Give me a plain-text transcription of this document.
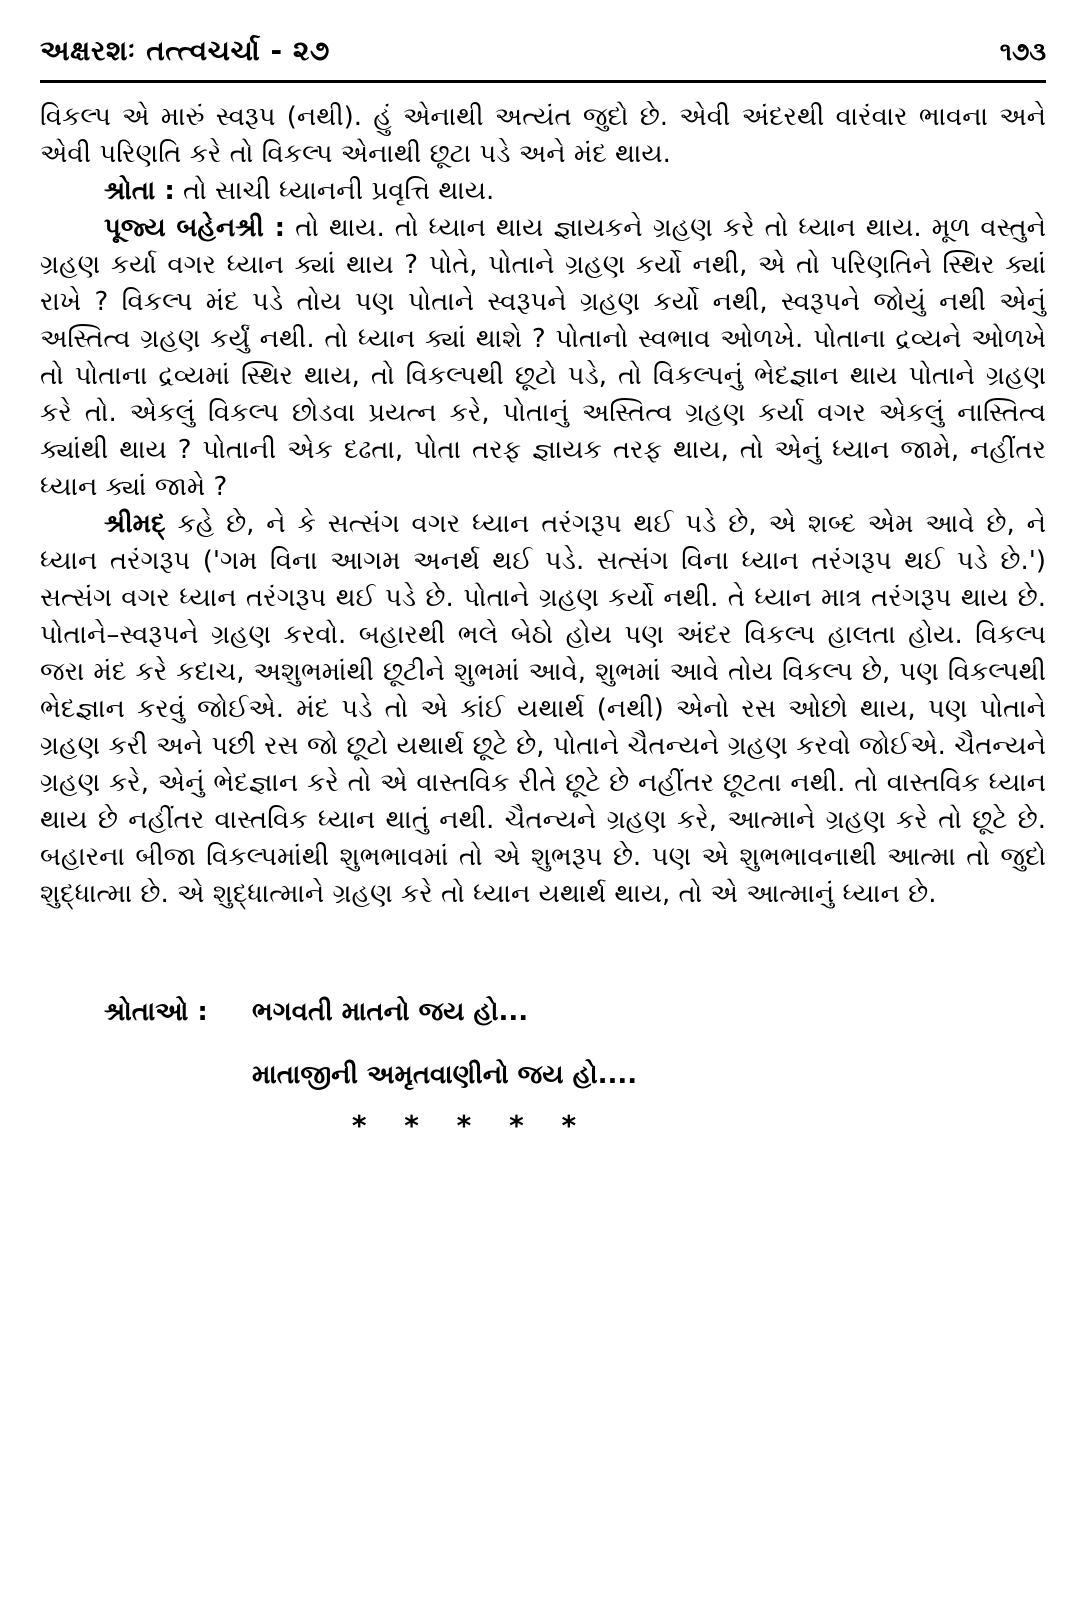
અક્ષરશઃ તત્ત્વચર્ચા - ૨૭	૧૭૩

વિકલ્પ એ મારું સ્વરૂપ (નથી). હું એનાથી અત્યંત જુદો છે. એવી અંદરથી વારંવાર ભાવના અને એવી પરિણતિ કરે તો વિકલ્પ એનાથી છૂટા પડે અને મંદ થાય.

શ્રોતા : તો સાચી ધ્યાનની પ્રવૃત્તિ થાય.

પૂજ્ય બહેનશ્રી : તો થાય. તો ધ્યાન થાય જ્ઞાયકને ગ્રહણ કરે તો ધ્યાન થાય. મૂળ વસ્તુને ગ્રહણ કર્યા વગર ધ્યાન ક્યાં થાય ? પોતે, પોતાને ગ્રહણ કર્યો નથી, એ તો પરિણતિને સ્થિર ક્યાં રાખે ? વિકલ્પ મંદ પડે તોય પણ પોતાને સ્વરૂપને ગ્રહણ કર્યો નથી, સ્વરૂપને જોયું નથી એનું અસ્તિત્વ ગ્રહણ કર્યું નથી. તો ધ્યાન ક્યાં થાશે ? પોતાનો સ્વભાવ ઓળખે. પોતાના દ્રવ્યને ઓળખે તો પોતાના દ્રવ્યમાં સ્થિર થાય, તો વિકલ્પથી છૂટો પડે, તો વિકલ્પનું ભેદજ્ઞાન થાય પોતાને ગ્રહણ કરે તો. એકલું વિકલ્પ છોડવા પ્રયત્ન કરે, પોતાનું અસ્તિત્વ ગ્રહણ કર્યા વગર એકલું નાસ્તિત્વ ક્યાંથી થાય ? પોતાની એક દઢતા, પોતા તરફ જ્ઞાયક તરફ થાય, તો એનું ધ્યાન જામે, નહીંતર ધ્યાન ક્યાં જામે ?

શ્રીમદ્ કહે છે, ને કે સત્સંગ વગર ધ્યાન તરંગરૂપ થઈ પડે છે, એ શબ્દ એમ આવે છે, ને ધ્યાન તરંગરૂપ ('ગમ વિના આગમ અનર્થ થઈ પડે. સત્સંગ વિના ધ્યાન તરંગરૂપ થઈ પડે છે.') સત્સંગ વગર ધ્યાન તરંગરૂપ થઈ પડે છે. પોતાને ગ્રહણ કર્યો નથી. તે ધ્યાન માત્ર તરંગરૂપ થાય છે. પોતાને–સ્વરૂપને ગ્રહણ કરવો. બહારથી ભલે બેઠો હોય પણ અંદર વિકલ્પ હાલતા હોય. વિકલ્પ જરા મંદ કરે કદાચ, અશુભમાંથી છૂટીને શુભમાં આવે, શુભમાં આવે તોય વિકલ્પ છે, પણ વિકલ્પથી ભેદજ્ઞાન કરવું જોઈએ. મંદ પડે તો એ કાંઈ યથાર્થ (નથી) એનો રસ ઓછો થાય, પણ પોતાને ગ્રહણ કરી અને પછી રસ જો છૂટો યથાર્થ છૂટે છે, પોતાને ચૈતન્યને ગ્રહણ કરવો જોઈએ. ચૈતન્યને ગ્રહણ કરે, એનું ભેદજ્ઞાન કરે તો એ વાસ્તવિક રીતે છૂટે છે નહીંતર છૂટતા નથી. તો વાસ્તવિક ધ્યાન થાય છે નહીંતર વાસ્તવિક ધ્યાન થાતું નથી. ચૈતન્યને ગ્રહણ કરે, આત્માને ગ્રહણ કરે તો છૂટે છે. બહારના બીજા વિકલ્પમાંથી શુભભાવમાં તો એ શુભરૂપ છે. પણ એ શુભભાવનાથી આત્મા તો જુદો શુદ્ધાત્મા છે. એ શુદ્ધાત્માને ગ્રહણ કરે તો ધ્યાન યથાર્થ થાય, તો એ આત્માનું ધ્યાન છે.

શ્રોતાઓ :	ભગવતી માતનો જય હો...
માતાજીની અમૃતવાણીનો જય હો....
* * * * *
